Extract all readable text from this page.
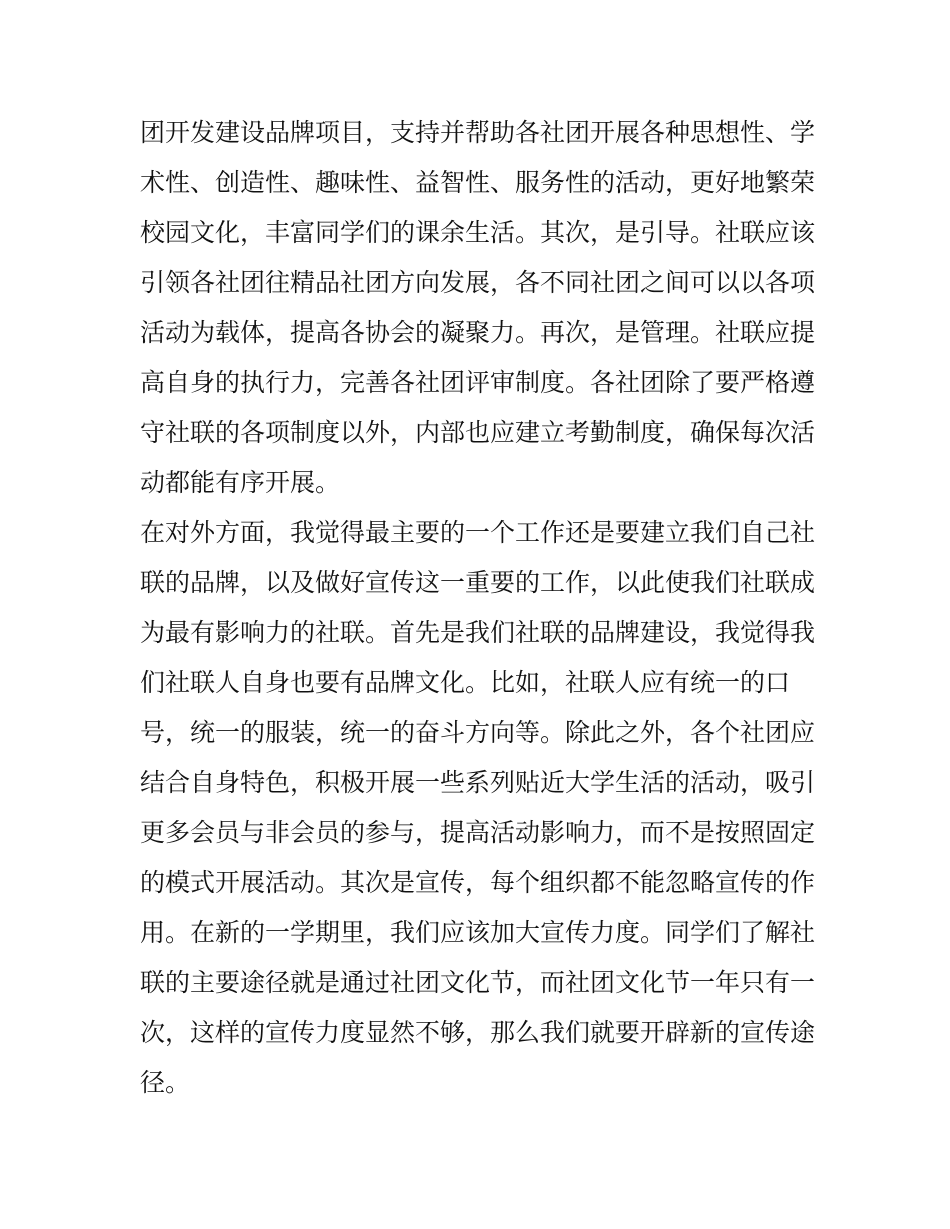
团开发建设品牌项目，支持并帮助各社团开展各种思想性、学
术性、创造性、趣味性、益智性、服务性的活动，更好地繁荣
校园文化，丰富同学们的课余生活。其次，是引导。社联应该
引领各社团往精品社团方向发展，各不同社团之间可以以各项
活动为载体，提高各协会的凝聚力。再次，是管理。社联应提
高自身的执行力，完善各社团评审制度。各社团除了要严格遵
守社联的各项制度以外，内部也应建立考勤制度，确保每次活
动都能有序开展。
在对外方面，我觉得最主要的一个工作还是要建立我们自己社
联的品牌，以及做好宣传这一重要的工作，以此使我们社联成
为最有影响力的社联。首先是我们社联的品牌建设，我觉得我
们社联人自身也要有品牌文化。比如，社联人应有统一的口
号，统一的服装，统一的奋斗方向等。除此之外，各个社团应
结合自身特色，积极开展一些系列贴近大学生活的活动，吸引
更多会员与非会员的参与，提高活动影响力，而不是按照固定
的模式开展活动。其次是宣传，每个组织都不能忽略宣传的作
用。在新的一学期里，我们应该加大宣传力度。同学们了解社
联的主要途径就是通过社团文化节，而社团文化节一年只有一
次，这样的宣传力度显然不够，那么我们就要开辟新的宣传途
径。
